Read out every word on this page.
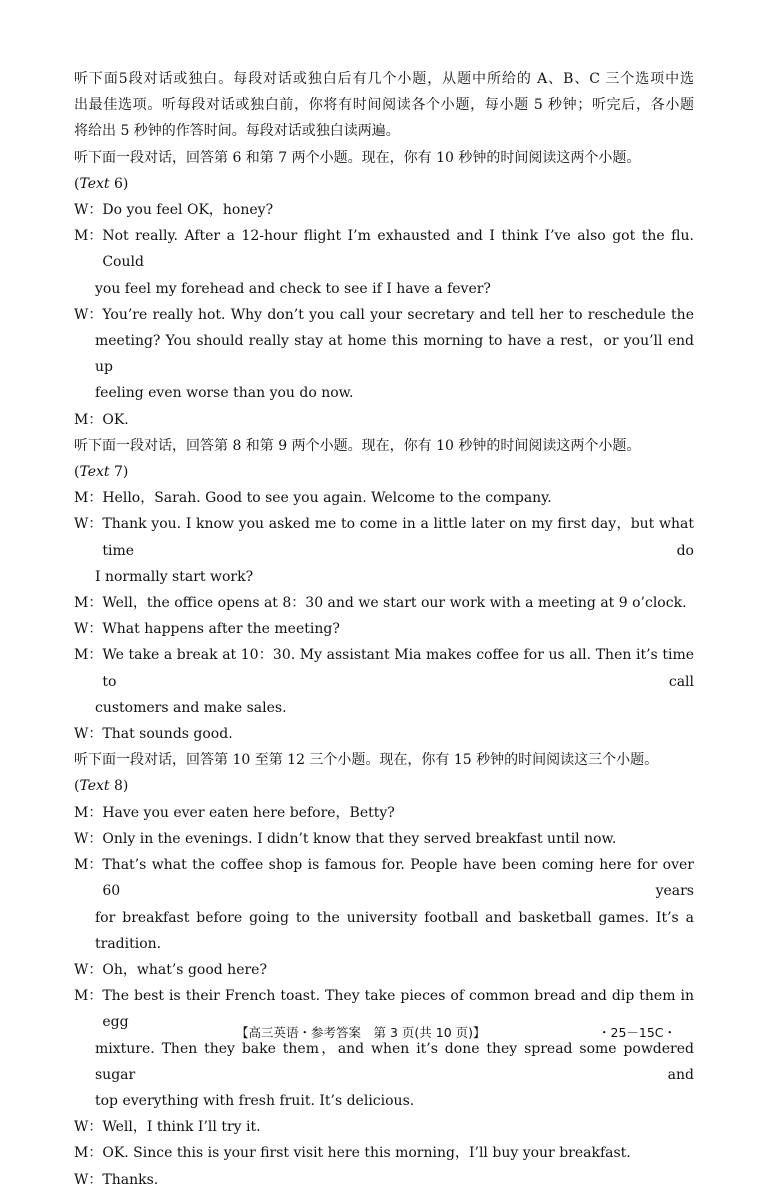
听下面5段对话或独白。每段对话或独白后有几个小题，从题中所给的 A、B、C 三个选项中选
出最佳选项。听每段对话或独白前，你将有时间阅读各个小题，每小题 5 秒钟；听完后，各小题
将给出 5 秒钟的作答时间。每段对话或独白读两遍。
听下面一段对话，回答第 6 和第 7 两个小题。现在，你有 10 秒钟的时间阅读这两个小题。
(Text 6)
W： Do you feel OK，honey?
M： Not really. After a 12-hour flight I’m exhausted and I think I’ve also got the flu. Could
you feel my forehead and check to see if I have a fever?
W： You’re really hot. Why don’t you call your secretary and tell her to reschedule the
meeting? You should really stay at home this morning to have a rest，or you’ll end up
feeling even worse than you do now.
M： OK.
听下面一段对话，回答第 8 和第 9 两个小题。现在，你有 10 秒钟的时间阅读这两个小题。
(Text 7)
M： Hello，Sarah. Good to see you again. Welcome to the company.
W： Thank you. I know you asked me to come in a little later on my first day，but what time do
I normally start work?
M： Well，the office opens at 8：30 and we start our work with a meeting at 9 o’clock.
W： What happens after the meeting?
M： We take a break at 10：30. My assistant Mia makes coffee for us all. Then it’s time to call
customers and make sales.
W： That sounds good.
听下面一段对话，回答第 10 至第 12 三个小题。现在，你有 15 秒钟的时间阅读这三个小题。
(Text 8)
M： Have you ever eaten here before，Betty?
W： Only in the evenings. I didn’t know that they served breakfast until now.
M： That’s what the coffee shop is famous for. People have been coming here for over 60 years
for breakfast before going to the university football and basketball games. It’s a tradition.
W： Oh，what’s good here?
M： The best is their French toast. They take pieces of common bread and dip them in egg
mixture. Then they bake them，and when it’s done they spread some powdered sugar and
top everything with fresh fruit. It’s delicious.
W： Well，I think I’ll try it.
M： OK. Since this is your first visit here this morning，I’ll buy your breakfast.
W： Thanks.
【高三英语・参考答案　第 3 页(共 10 页)】	・25－15C・
